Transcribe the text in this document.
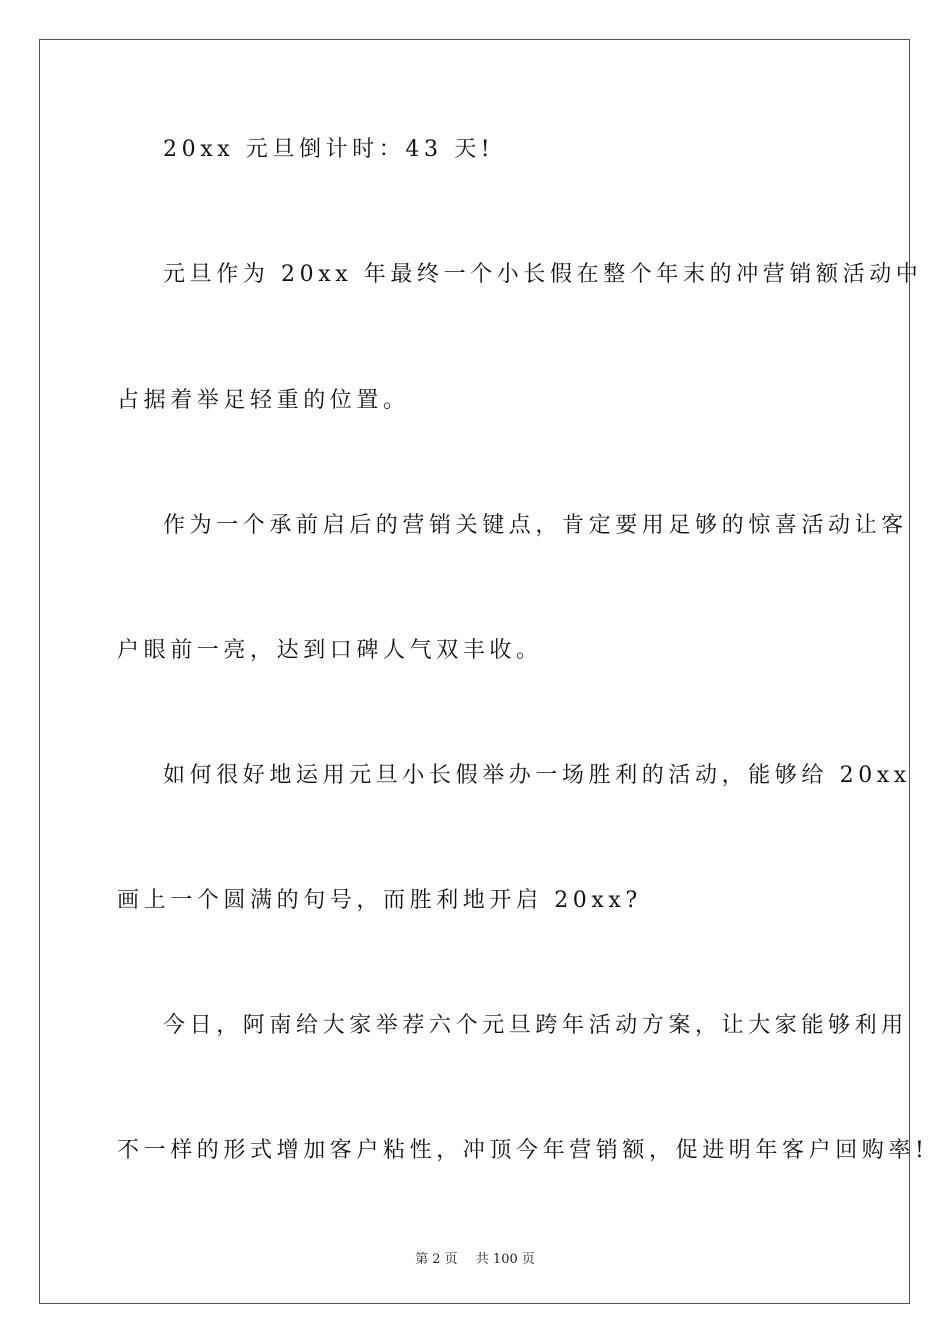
20xx 元旦倒计时：43 天!
元旦作为 20xx 年最终一个小长假在整个年末的冲营销额活动中
占据着举足轻重的位置。
作为一个承前启后的营销关键点，肯定要用足够的惊喜活动让客
户眼前一亮，达到口碑人气双丰收。
如何很好地运用元旦小长假举办一场胜利的活动，能够给 20xx
画上一个圆满的句号，而胜利地开启 20xx?
今日，阿南给大家举荐六个元旦跨年活动方案，让大家能够利用
不一样的形式增加客户粘性，冲顶今年营销额，促进明年客户回购率!
第 2 页 共 100 页
